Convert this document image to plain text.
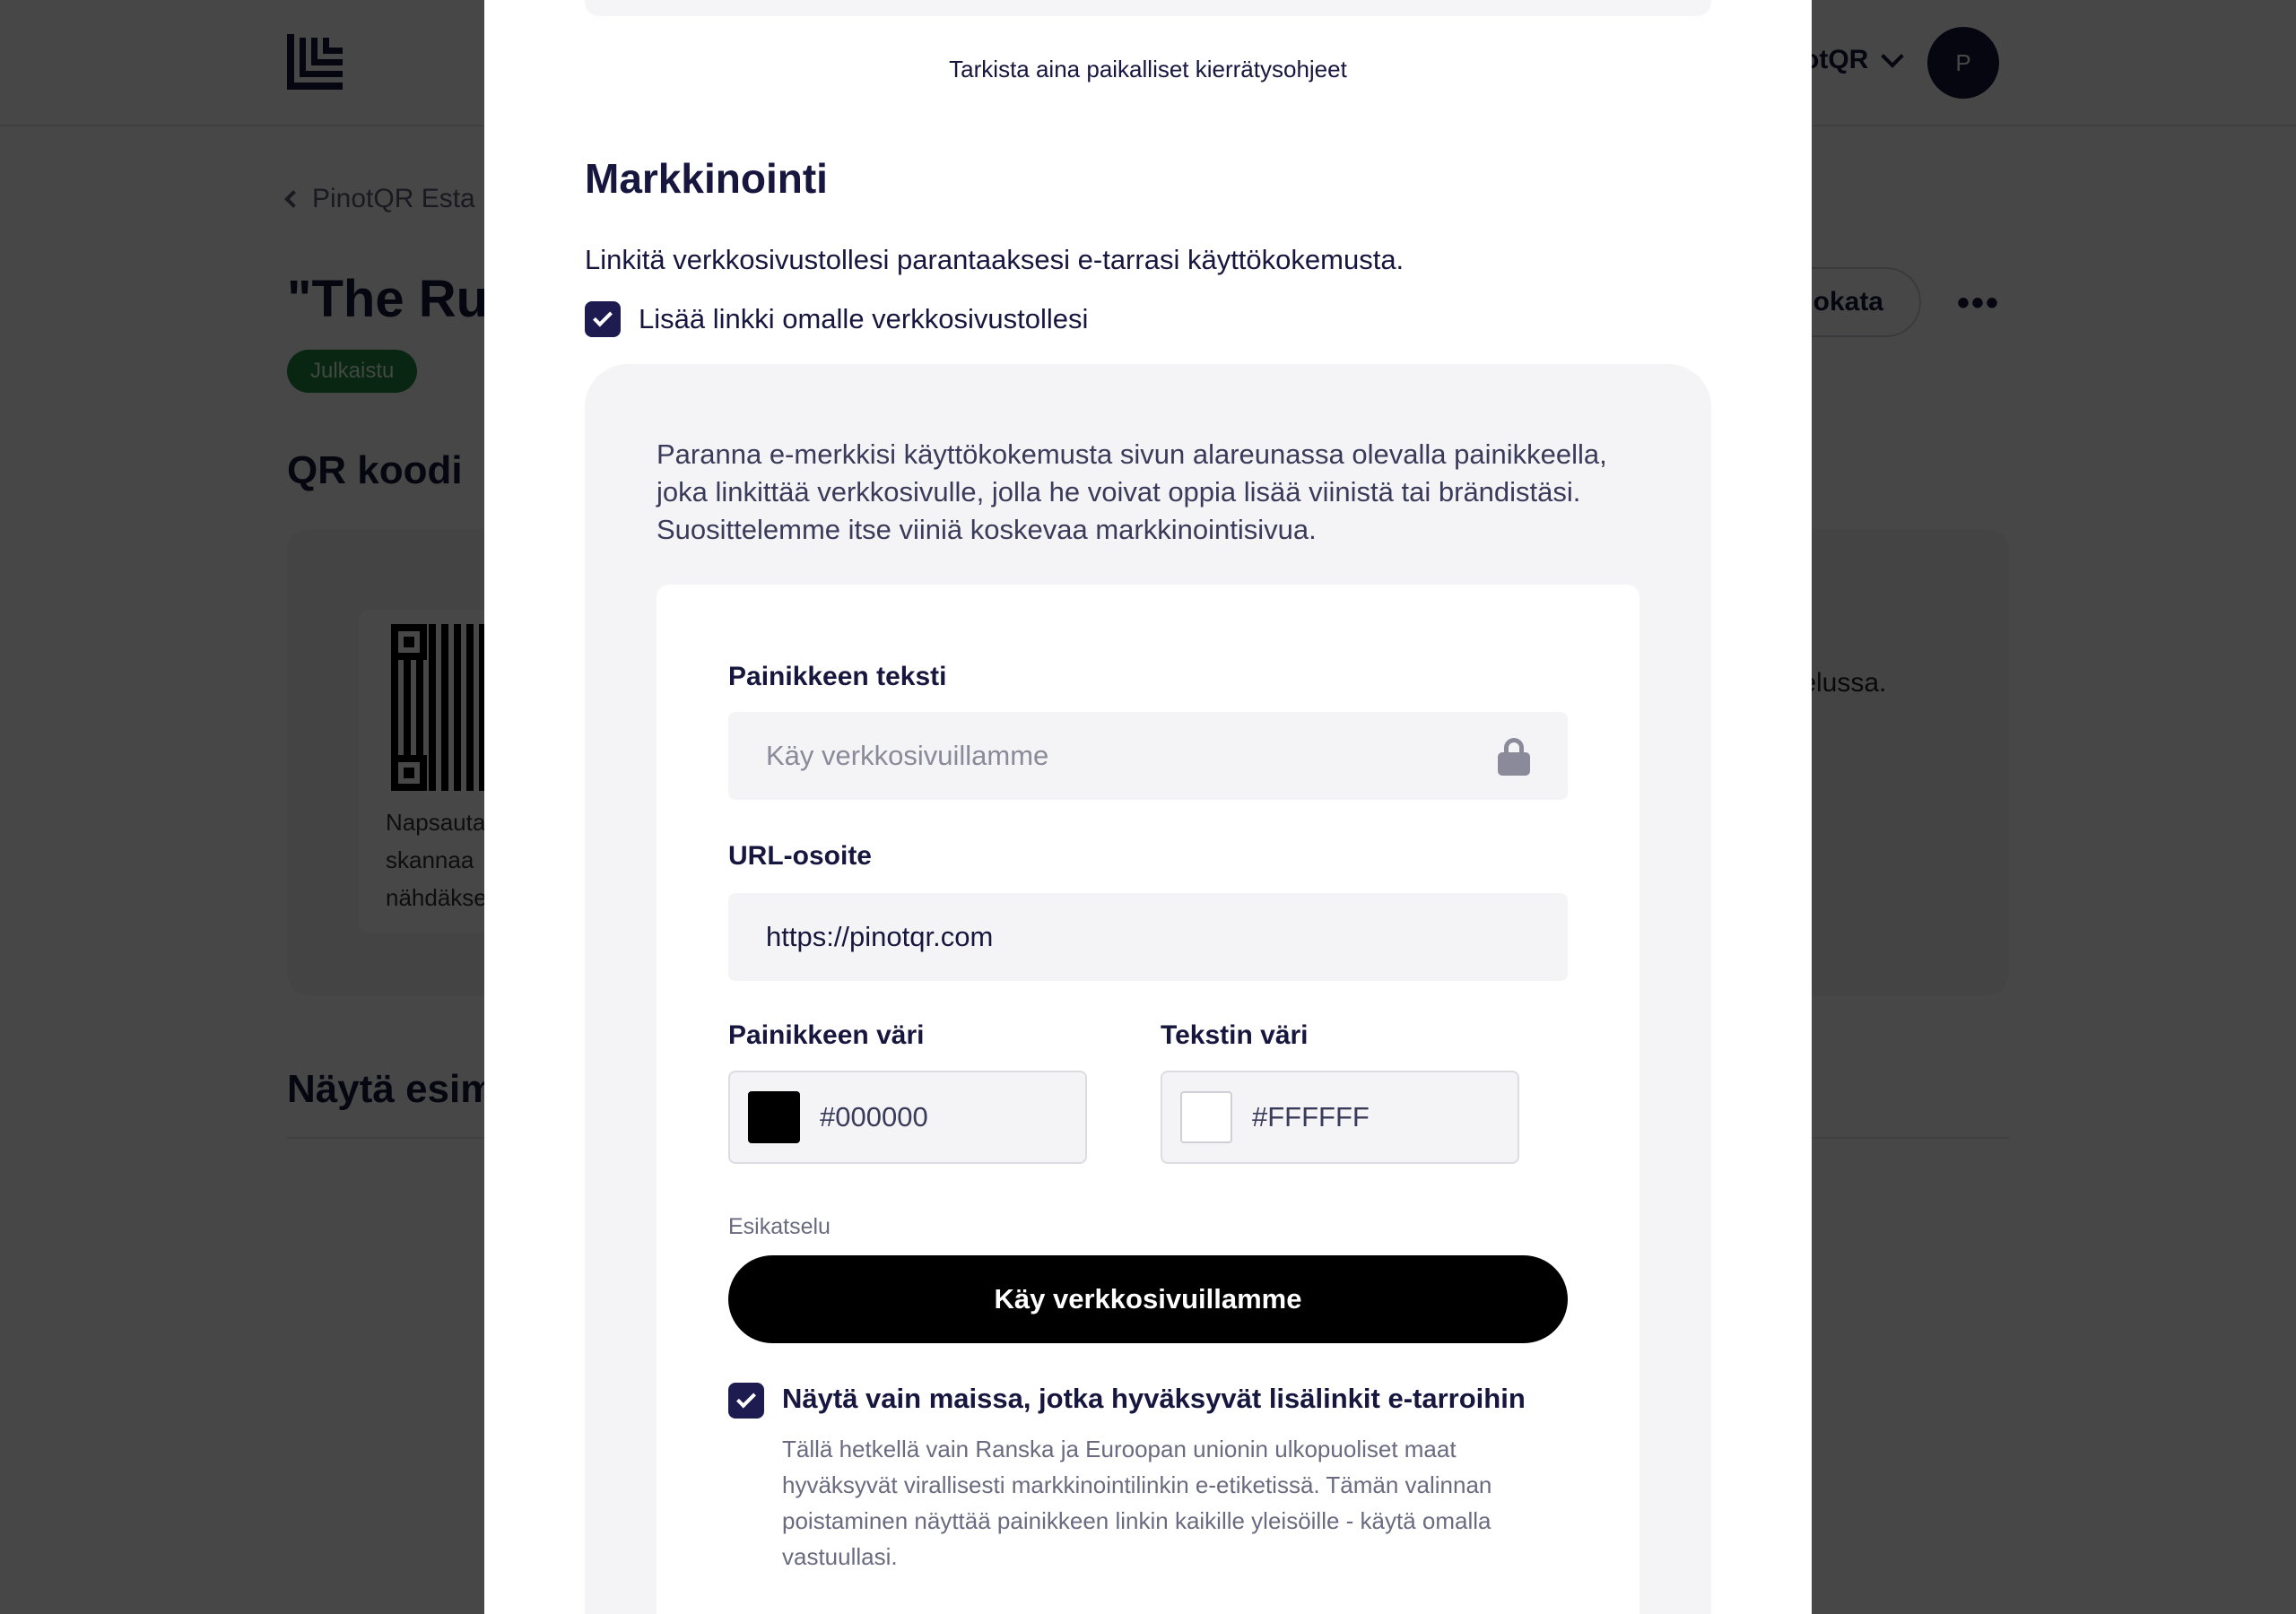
Tarkista aina paikalliset kierrätysohjeet
Markkinointi
Linkitä verkkosivustollesi parantaaksesi e-tarrasi käyttökokemusta.
Lisää linkki omalle verkkosivustollesi
Paranna e-merkkisi käyttökokemusta sivun alareunassa olevalla painikkeella, joka linkittää verkkosivulle, jolla he voivat oppia lisää viinistä tai brändistäsi. Suosittelemme itse viiniä koskevaa markkinointisivua.
Painikkeen teksti
Käy verkkosivuillamme
URL-osoite
https://pinotqr.com
Painikkeen väri
#000000
Tekstin väri
#FFFFFF
Esikatselu
Käy verkkosivuillamme
Näytä vain maissa, jotka hyväksyvät lisälinkit e-tarroihin
Tällä hetkellä vain Ranska ja Euroopan unionin ulkopuoliset maat hyväksyvät virallisesti markkinointilinkin e-etiketissä. Tämän valinnan poistaminen näyttää painikkeen linkin kaikille yleisöille - käytä omalla vastuullasi.
